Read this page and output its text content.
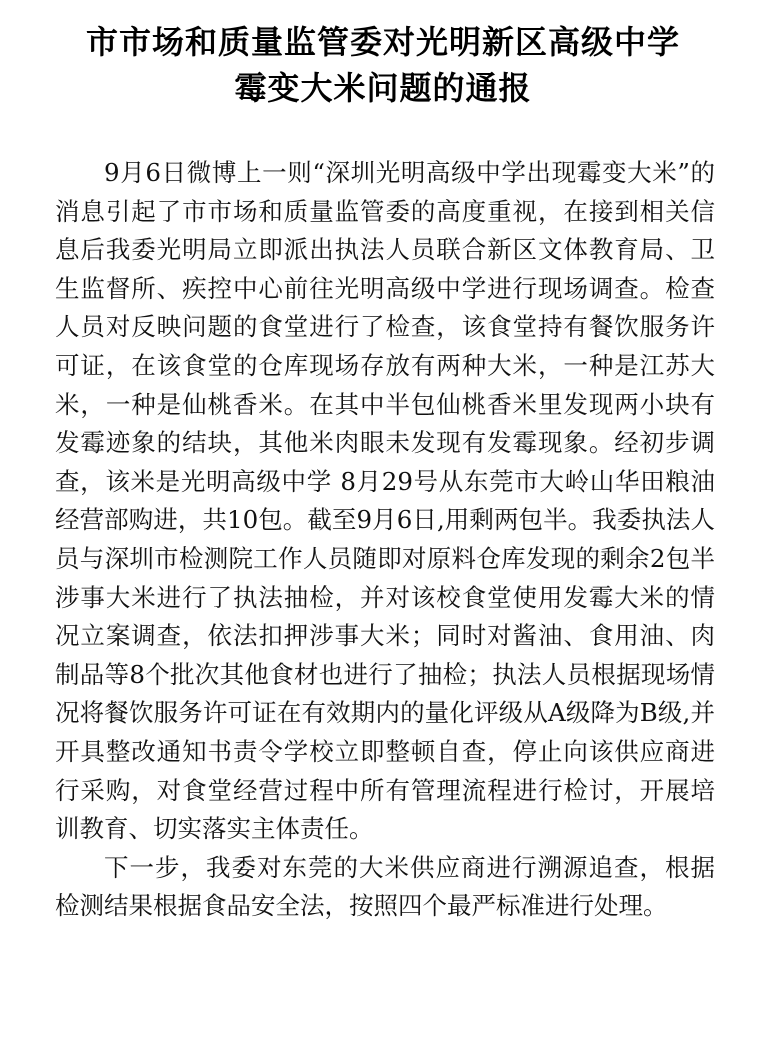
市市场和质量监管委对光明新区高级中学
霉变大米问题的通报

9月6日微博上一则“深圳光明高级中学出现霉变大米”的消息引起了市市场和质量监管委的高度重视，在接到相关信息后我委光明局立即派出执法人员联合新区文体教育局、卫生监督所、疾控中心前往光明高级中学进行现场调查。检查人员对反映问题的食堂进行了检查，该食堂持有餐饮服务许可证，在该食堂的仓库现场存放有两种大米，一种是江苏大米，一种是仙桃香米。在其中半包仙桃香米里发现两小块有发霉迹象的结块，其他米肉眼未发现有发霉现象。经初步调查，该米是光明高级中学 8月29号从东莞市大岭山华田粮油经营部购进，共10包。截至9月6日,用剩两包半。我委执法人员与深圳市检测院工作人员随即对原料仓库发现的剩余2包半涉事大米进行了执法抽检，并对该校食堂使用发霉大米的情况立案调查，依法扣押涉事大米；同时对酱油、食用油、肉制品等8个批次其他食材也进行了抽检；执法人员根据现场情况将餐饮服务许可证在有效期内的量化评级从A级降为B级,并开具整改通知书责令学校立即整顿自查，停止向该供应商进行采购，对食堂经营过程中所有管理流程进行检讨，开展培训教育、切实落实主体责任。

下一步，我委对东莞的大米供应商进行溯源追查，根据检测结果根据食品安全法，按照四个最严标准进行处理。
